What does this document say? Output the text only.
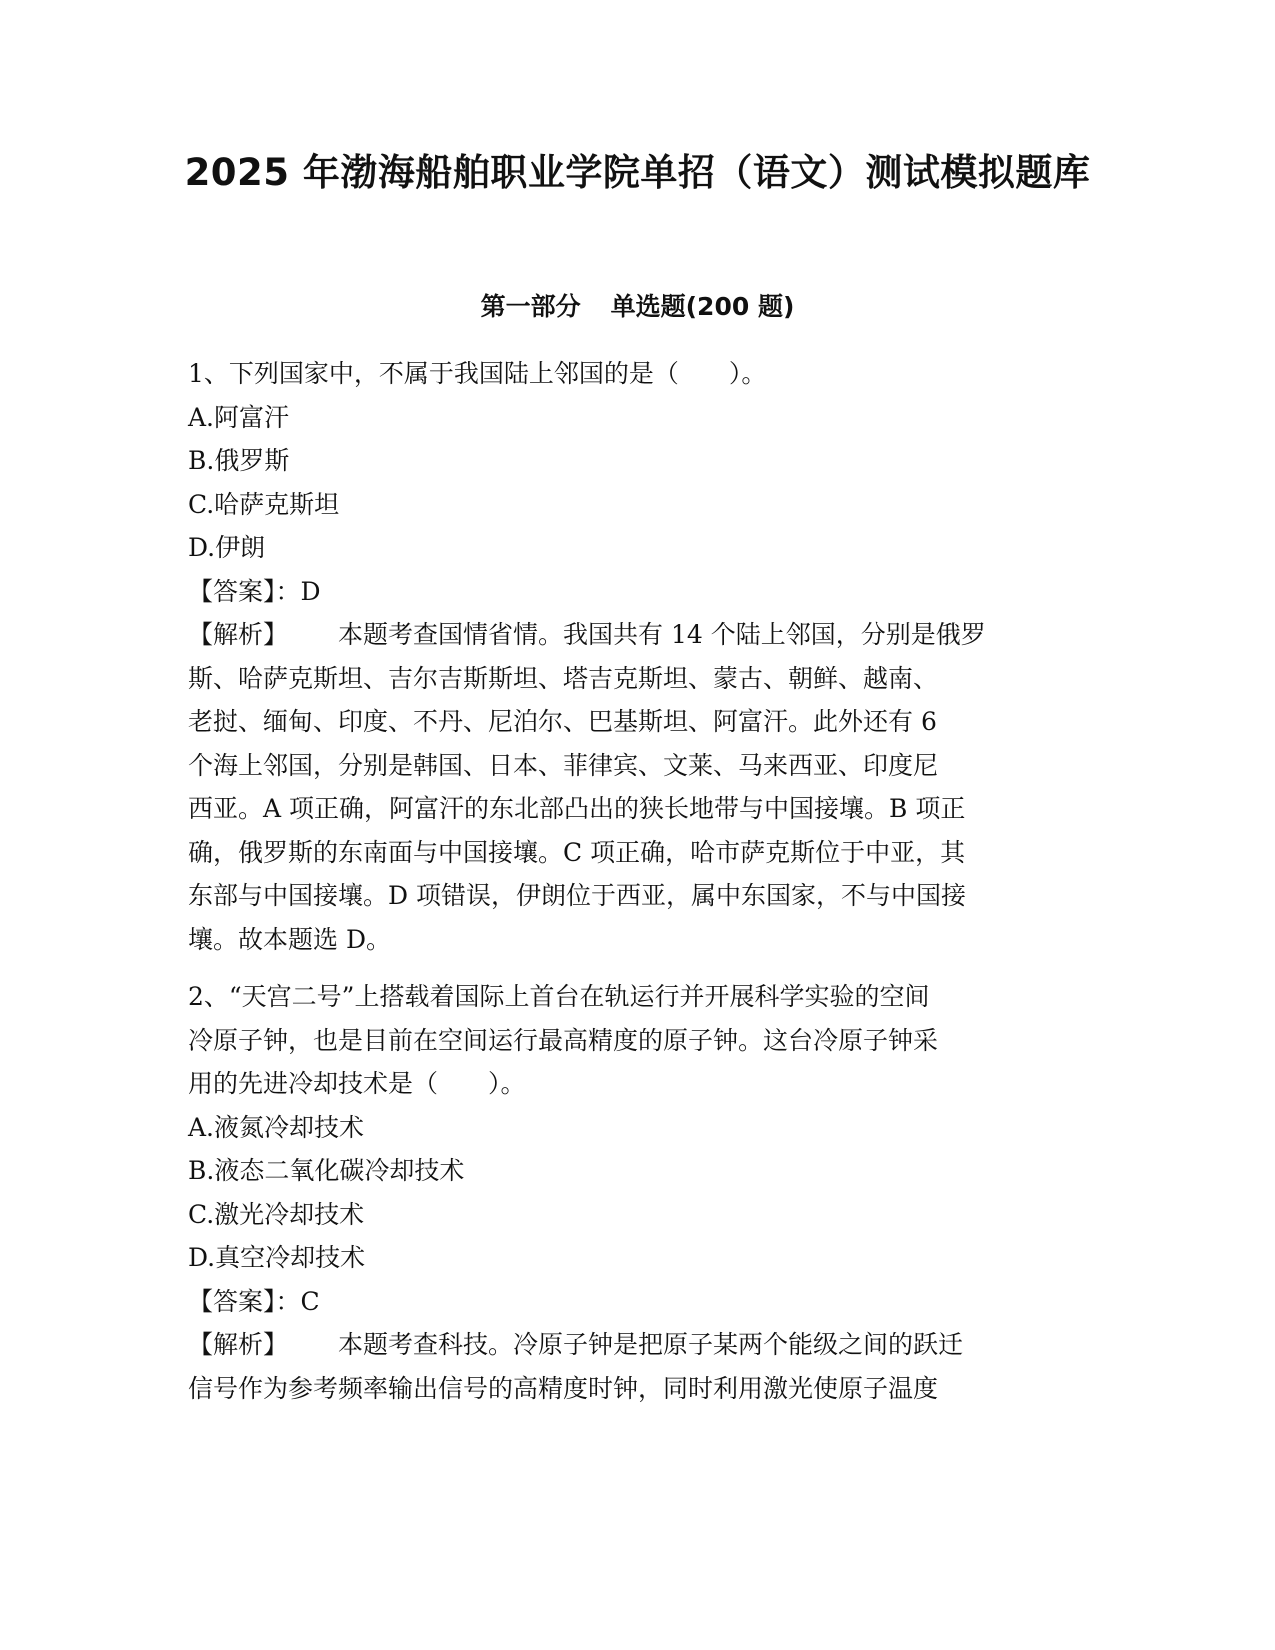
2025 年渤海船舶职业学院单招（语文）测试模拟题库
第一部分 单选题(200 题)
1、下列国家中，不属于我国陆上邻国的是（　　）。
A.阿富汗
B.俄罗斯
C.哈萨克斯坦
D.伊朗
【答案】：D
【解析】 本题考查国情省情。我国共有 14 个陆上邻国，分别是俄罗
斯、哈萨克斯坦、吉尔吉斯斯坦、塔吉克斯坦、蒙古、朝鲜、越南、
老挝、缅甸、印度、不丹、尼泊尔、巴基斯坦、阿富汗。此外还有 6
个海上邻国，分别是韩国、日本、菲律宾、文莱、马来西亚、印度尼
西亚。A 项正确，阿富汗的东北部凸出的狭长地带与中国接壤。B 项正
确，俄罗斯的东南面与中国接壤。C 项正确，哈市萨克斯位于中亚，其
东部与中国接壤。D 项错误，伊朗位于西亚，属中东国家，不与中国接
壤。故本题选 D。
2、“天宫二号”上搭载着国际上首台在轨运行并开展科学实验的空间
冷原子钟，也是目前在空间运行最高精度的原子钟。这台冷原子钟采
用的先进冷却技术是（　　）。
A.液氮冷却技术
B.液态二氧化碳冷却技术
C.激光冷却技术
D.真空冷却技术
【答案】：C
【解析】 本题考查科技。冷原子钟是把原子某两个能级之间的跃迁
信号作为参考频率输出信号的高精度时钟，同时利用激光使原子温度
